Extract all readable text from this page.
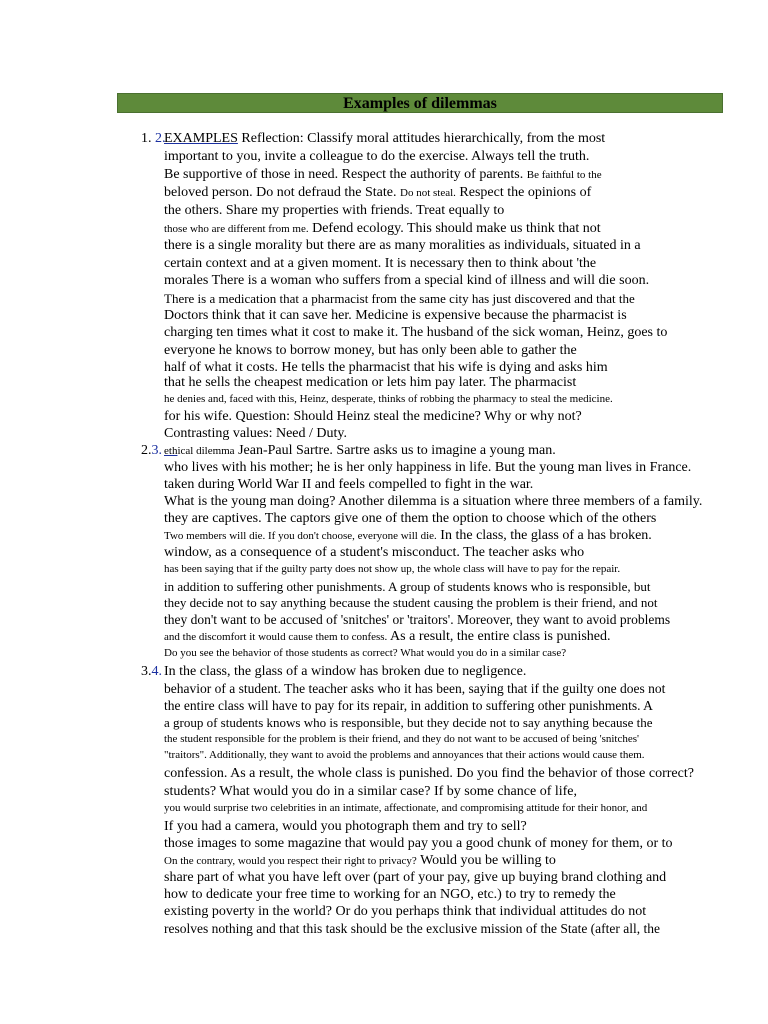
Examples of dilemmas
1. 2.
EXAMPLES Reflection: Classify moral attitudes hierarchically, from the most
important to you, invite a colleague to do the exercise. Always tell the truth.
Be supportive of those in need. Respect the authority of parents. Be faithful to the
beloved person. Do not defraud the State. Do not steal. Respect the opinions of
the others. Share my properties with friends. Treat equally to
those who are different from me. Defend ecology. This should make us think that not
there is a single morality but there are as many moralities as individuals, situated in a
certain context and at a given moment. It is necessary then to think about 'the
morales There is a woman who suffers from a special kind of illness and will die soon.
There is a medication that a pharmacist from the same city has just discovered and that the
Doctors think that it can save her. Medicine is expensive because the pharmacist is
charging ten times what it cost to make it. The husband of the sick woman, Heinz, goes to
everyone he knows to borrow money, but has only been able to gather the
half of what it costs. He tells the pharmacist that his wife is dying and asks him
that he sells the cheapest medication or lets him pay later. The pharmacist
he denies and, faced with this, Heinz, desperate, thinks of robbing the pharmacy to steal the medicine.
for his wife. Question: Should Heinz steal the medicine? Why or why not?
Contrasting values: Need / Duty.
2.3. ethical dilemma Jean-Paul Sartre. Sartre asks us to imagine a young man.
who lives with his mother; he is her only happiness in life. But the young man lives in France.
taken during World War II and feels compelled to fight in the war.
What is the young man doing? Another dilemma is a situation where three members of a family.
they are captives. The captors give one of them the option to choose which of the others
Two members will die. If you don't choose, everyone will die. In the class, the glass of a has broken.
window, as a consequence of a student's misconduct. The teacher asks who
has been saying that if the guilty party does not show up, the whole class will have to pay for the repair.
in addition to suffering other punishments. A group of students knows who is responsible, but
they decide not to say anything because the student causing the problem is their friend, and not
they don't want to be accused of 'snitches' or 'traitors'. Moreover, they want to avoid problems
and the discomfort it would cause them to confess. As a result, the entire class is punished.
Do you see the behavior of those students as correct? What would you do in a similar case?
3.4. In the class, the glass of a window has broken due to negligence.
behavior of a student. The teacher asks who it has been, saying that if the guilty one does not
the entire class will have to pay for its repair, in addition to suffering other punishments. A
a group of students knows who is responsible, but they decide not to say anything because the
the student responsible for the problem is their friend, and they do not want to be accused of being 'snitches'
"traitors". Additionally, they want to avoid the problems and annoyances that their actions would cause them.
confession. As a result, the whole class is punished. Do you find the behavior of those correct?
students? What would you do in a similar case? If by some chance of life,
you would surprise two celebrities in an intimate, affectionate, and compromising attitude for their honor, and
If you had a camera, would you photograph them and try to sell?
those images to some magazine that would pay you a good chunk of money for them, or to
On the contrary, would you respect their right to privacy? Would you be willing to
share part of what you have left over (part of your pay, give up buying brand clothing and
how to dedicate your free time to working for an NGO, etc.) to try to remedy the
existing poverty in the world? Or do you perhaps think that individual attitudes do not
resolves nothing and that this task should be the exclusive mission of the State (after all, the
